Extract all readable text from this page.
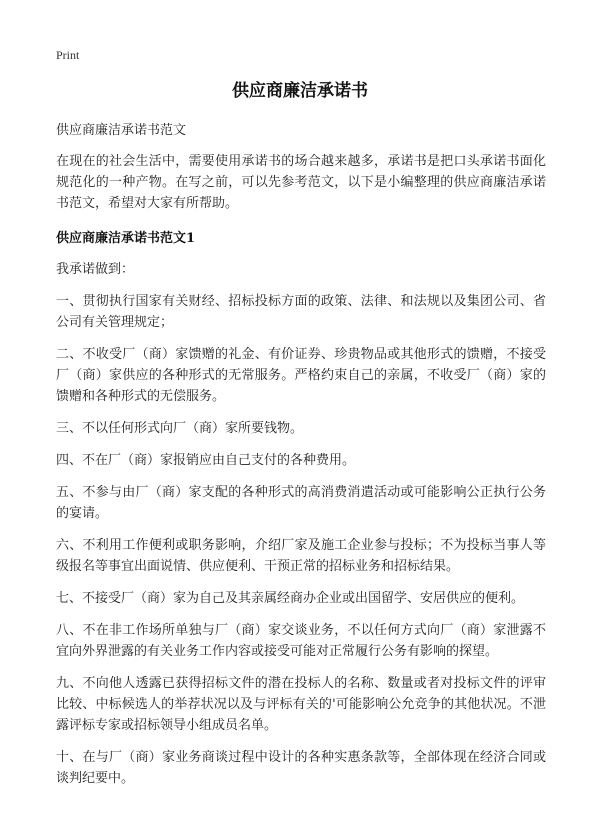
Print
供应商廉洁承诺书

供应商廉洁承诺书范文

在现在的社会生活中，需要使用承诺书的场合越来越多，承诺书是把口头承诺书面化规范化的一种产物。在写之前，可以先参考范文，以下是小编整理的供应商廉洁承诺书范文，希望对大家有所帮助。

供应商廉洁承诺书范文1

我承诺做到：

一、贯彻执行国家有关财经、招标投标方面的政策、法律、和法规以及集团公司、省公司有关管理规定；

二、不收受厂（商）家馈赠的礼金、有价证券、珍贵物品或其他形式的馈赠，不接受厂（商）家供应的各种形式的无常服务。严格约束自己的亲属，不收受厂（商）家的馈赠和各种形式的无偿服务。

三、不以任何形式向厂（商）家所要钱物。

四、不在厂（商）家报销应由自己支付的各种费用。

五、不参与由厂（商）家支配的各种形式的高消费消遣活动或可能影响公正执行公务的宴请。

六、不利用工作便利或职务影响，介绍厂家及施工企业参与投标；不为投标当事人等级报名等事宜出面说情、供应便利、干预正常的招标业务和招标结果。

七、不接受厂（商）家为自己及其亲属经商办企业或出国留学、安居供应的便利。

八、不在非工作场所单独与厂（商）家交谈业务，不以任何方式向厂（商）家泄露不宜向外界泄露的有关业务工作内容或接受可能对正常履行公务有影响的探望。

九、不向他人透露已获得招标文件的潜在投标人的名称、数量或者对投标文件的评审比较、中标候选人的举荐状况以及与评标有关的'可能影响公允竞争的其他状况。不泄露评标专家或招标领导小组成员名单。

十、在与厂（商）家业务商谈过程中设计的各种实惠条款等，全部体现在经济合同或谈判纪要中。
